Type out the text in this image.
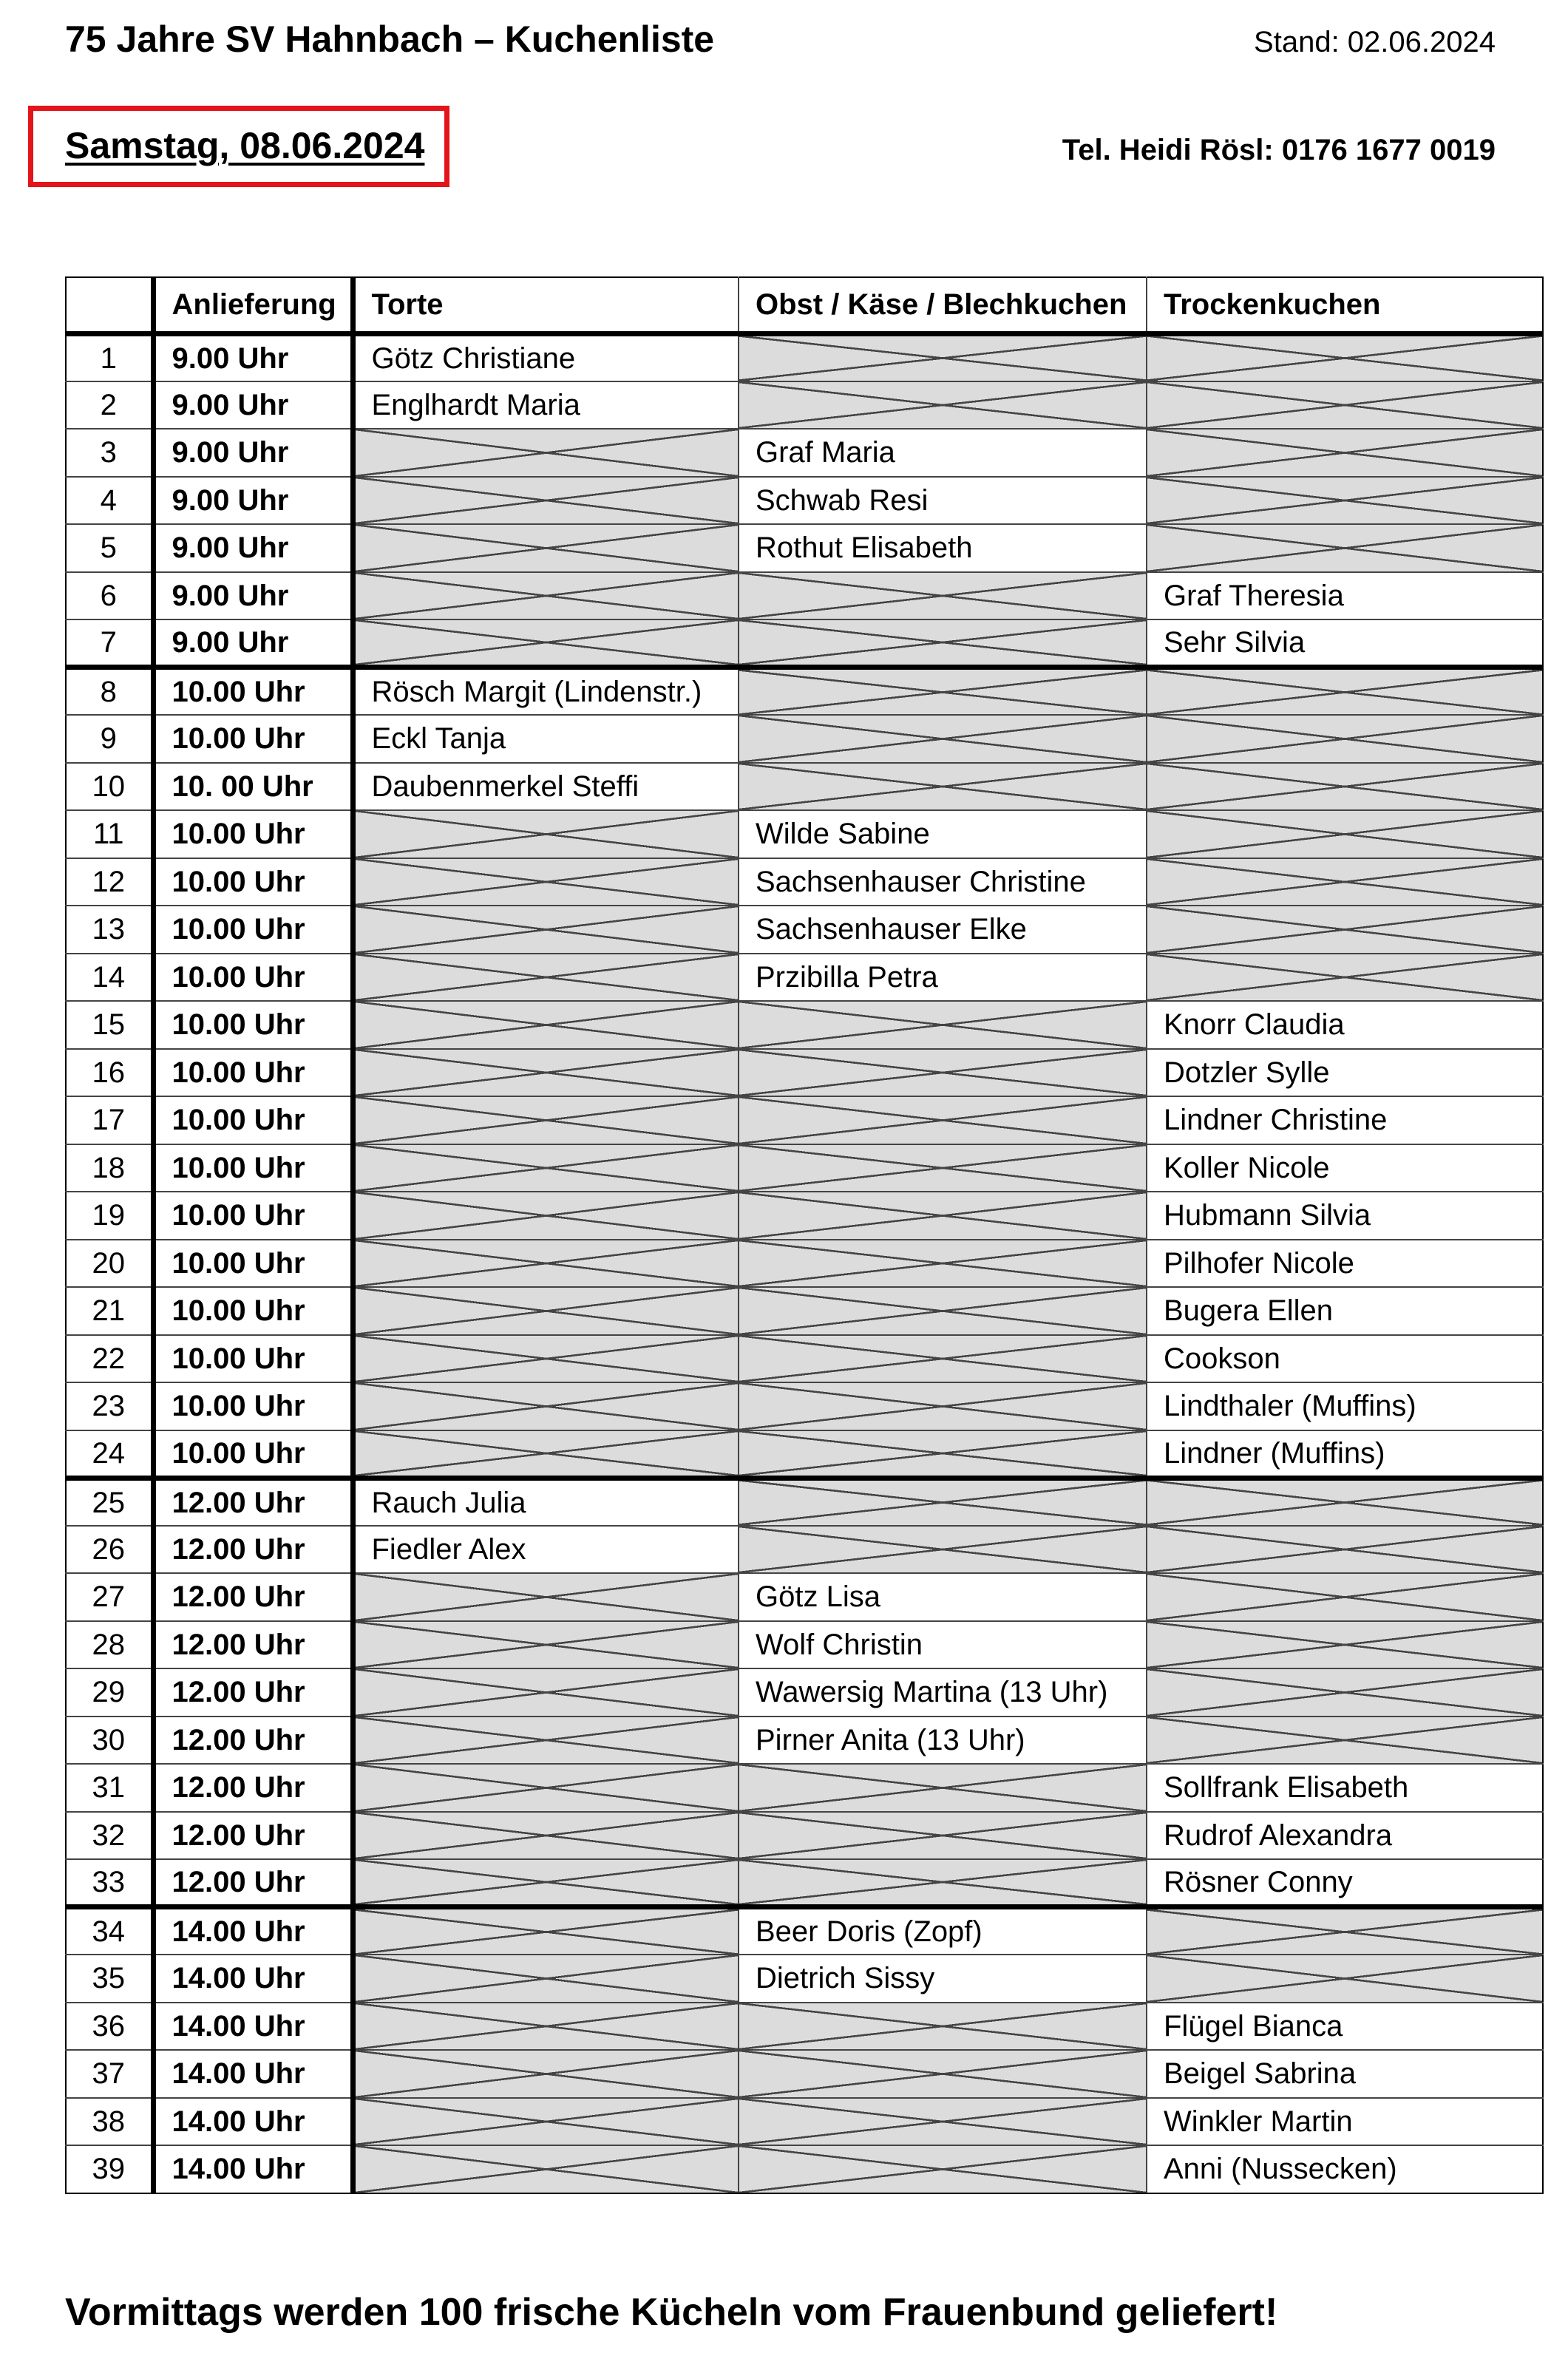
75 Jahre SV Hahnbach – Kuchenliste	Stand: 02.06.2024
Samstag, 08.06.2024	Tel. Heidi Rösl: 0176 1677 0019
	Anlieferung	Torte	Obst / Käse / Blechkuchen	Trockenkuchen
1	9.00 Uhr	Götz Christiane		
2	9.00 Uhr	Englhardt Maria		
3	9.00 Uhr		Graf Maria	
4	9.00 Uhr		Schwab Resi	
5	9.00 Uhr		Rothut Elisabeth	
6	9.00 Uhr			Graf Theresia
7	9.00 Uhr			Sehr Silvia
8	10.00 Uhr	Rösch Margit (Lindenstr.)		
9	10.00 Uhr	Eckl Tanja		
10	10. 00 Uhr	Daubenmerkel Steffi		
11	10.00 Uhr		Wilde Sabine	
12	10.00 Uhr		Sachsenhauser Christine	
13	10.00 Uhr		Sachsenhauser Elke	
14	10.00 Uhr		Przibilla Petra	
15	10.00 Uhr			Knorr Claudia
16	10.00 Uhr			Dotzler Sylle
17	10.00 Uhr			Lindner Christine
18	10.00 Uhr			Koller Nicole
19	10.00 Uhr			Hubmann Silvia
20	10.00 Uhr			Pilhofer Nicole
21	10.00 Uhr			Bugera Ellen
22	10.00 Uhr			Cookson
23	10.00 Uhr			Lindthaler (Muffins)
24	10.00 Uhr			Lindner (Muffins)
25	12.00 Uhr	Rauch Julia		
26	12.00 Uhr	Fiedler Alex		
27	12.00 Uhr		Götz Lisa	
28	12.00 Uhr		Wolf Christin	
29	12.00 Uhr		Wawersig Martina (13 Uhr)	
30	12.00 Uhr		Pirner Anita (13 Uhr)	
31	12.00 Uhr			Sollfrank Elisabeth
32	12.00 Uhr			Rudrof Alexandra
33	12.00 Uhr			Rösner Conny
34	14.00 Uhr		Beer Doris (Zopf)	
35	14.00 Uhr		Dietrich Sissy	
36	14.00 Uhr			Flügel Bianca
37	14.00 Uhr			Beigel Sabrina
38	14.00 Uhr			Winkler Martin
39	14.00 Uhr			Anni (Nussecken)
Vormittags werden 100 frische Kücheln vom Frauenbund geliefert!
